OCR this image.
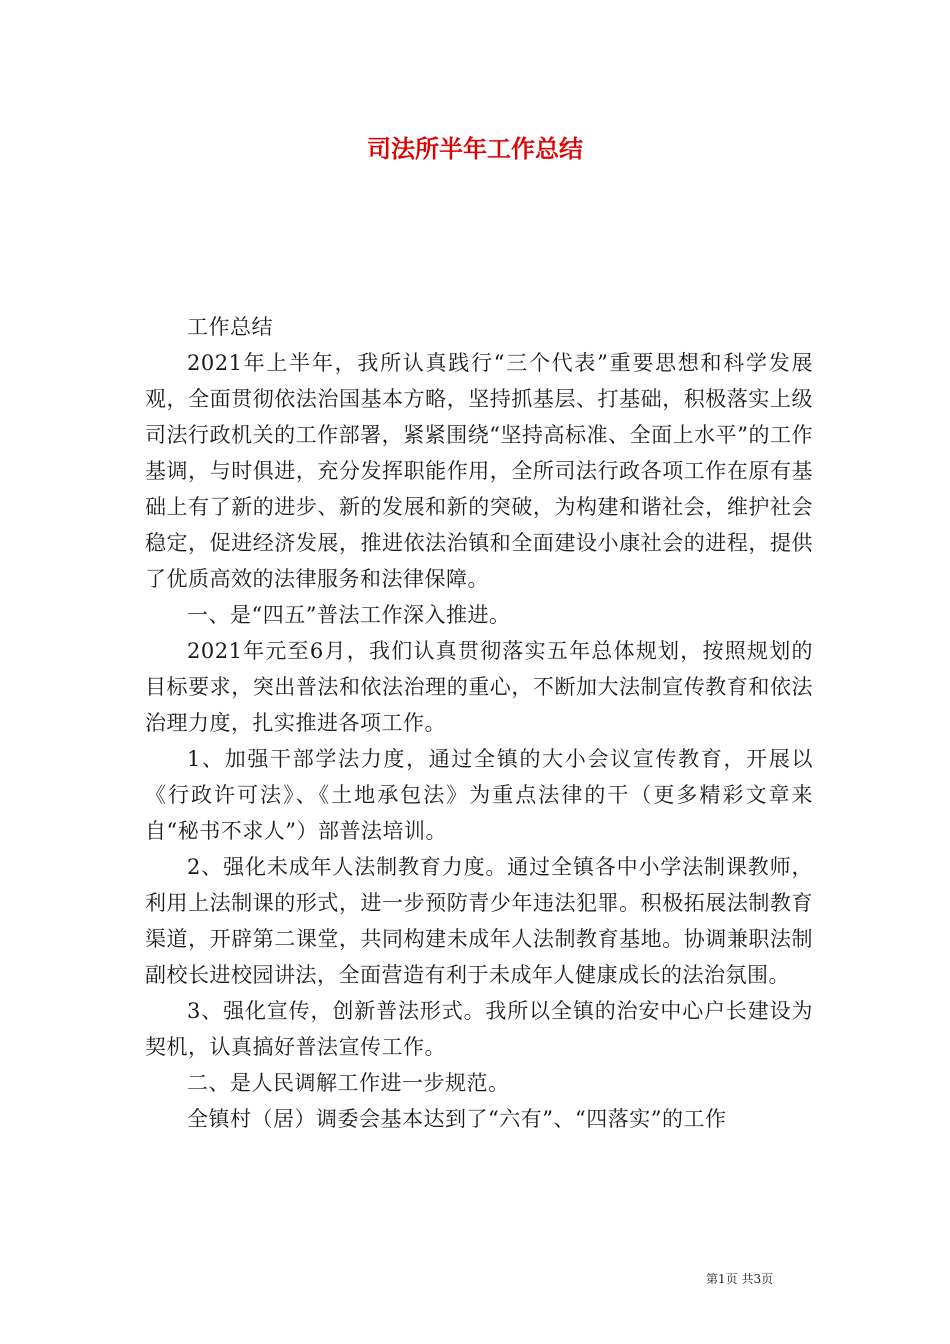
司法所半年工作总结

工作总结

2021年上半年，我所认真践行“三个代表”重要思想和科学发展观，全面贯彻依法治国基本方略，坚持抓基层、打基础，积极落实上级司法行政机关的工作部署，紧紧围绕“坚持高标准、全面上水平”的工作基调，与时俱进，充分发挥职能作用，全所司法行政各项工作在原有基础上有了新的进步、新的发展和新的突破，为构建和谐社会，维护社会稳定，促进经济发展，推进依法治镇和全面建设小康社会的进程，提供了优质高效的法律服务和法律保障。

一、是“四五”普法工作深入推进。

2021年元至6月，我们认真贯彻落实五年总体规划，按照规划的目标要求，突出普法和依法治理的重心，不断加大法制宣传教育和依法治理力度，扎实推进各项工作。

1、加强干部学法力度，通过全镇的大小会议宣传教育，开展以《行政许可法》、《土地承包法》为重点法律的干（更多精彩文章来自“秘书不求人”）部普法培训。

2、强化未成年人法制教育力度。通过全镇各中小学法制课教师，利用上法制课的形式，进一步预防青少年违法犯罪。积极拓展法制教育渠道，开辟第二课堂，共同构建未成年人法制教育基地。协调兼职法制副校长进校园讲法，全面营造有利于未成年人健康成长的法治氛围。

3、强化宣传，创新普法形式。我所以全镇的治安中心户长建设为契机，认真搞好普法宣传工作。

二、是人民调解工作进一步规范。

全镇村（居）调委会基本达到了“六有”、“四落实”的工作

第1页 共3页
